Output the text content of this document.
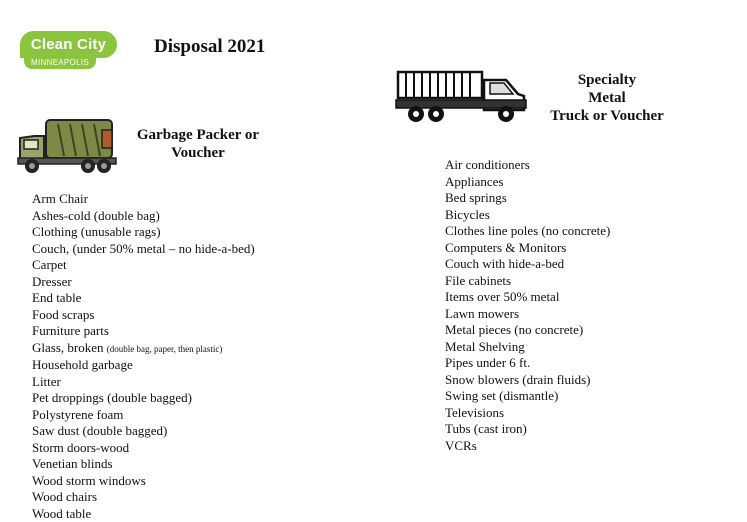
Clean City
MINNEAPOLIS
Disposal 2021
Garbage Packer or
Voucher
Specialty
Metal
Truck or Voucher
Arm Chair
Ashes-cold (double bag)
Clothing (unusable rags)
Couch, (under 50% metal – no hide-a-bed)
Carpet
Dresser
End table
Food scraps
Furniture parts
Glass, broken (double bag, paper, then plastic)
Household garbage
Litter
Pet droppings (double bagged)
Polystyrene foam
Saw dust (double bagged)
Storm doors-wood
Venetian blinds
Wood storm windows
Wood chairs
Wood table
Air conditioners
Appliances
Bed springs
Bicycles
Clothes line poles (no concrete)
Computers & Monitors
Couch with hide-a-bed
File cabinets
Items over 50% metal
Lawn mowers
Metal pieces (no concrete)
Metal Shelving
Pipes under 6 ft.
Snow blowers (drain fluids)
Swing set (dismantle)
Televisions
Tubs (cast iron)
VCRs
